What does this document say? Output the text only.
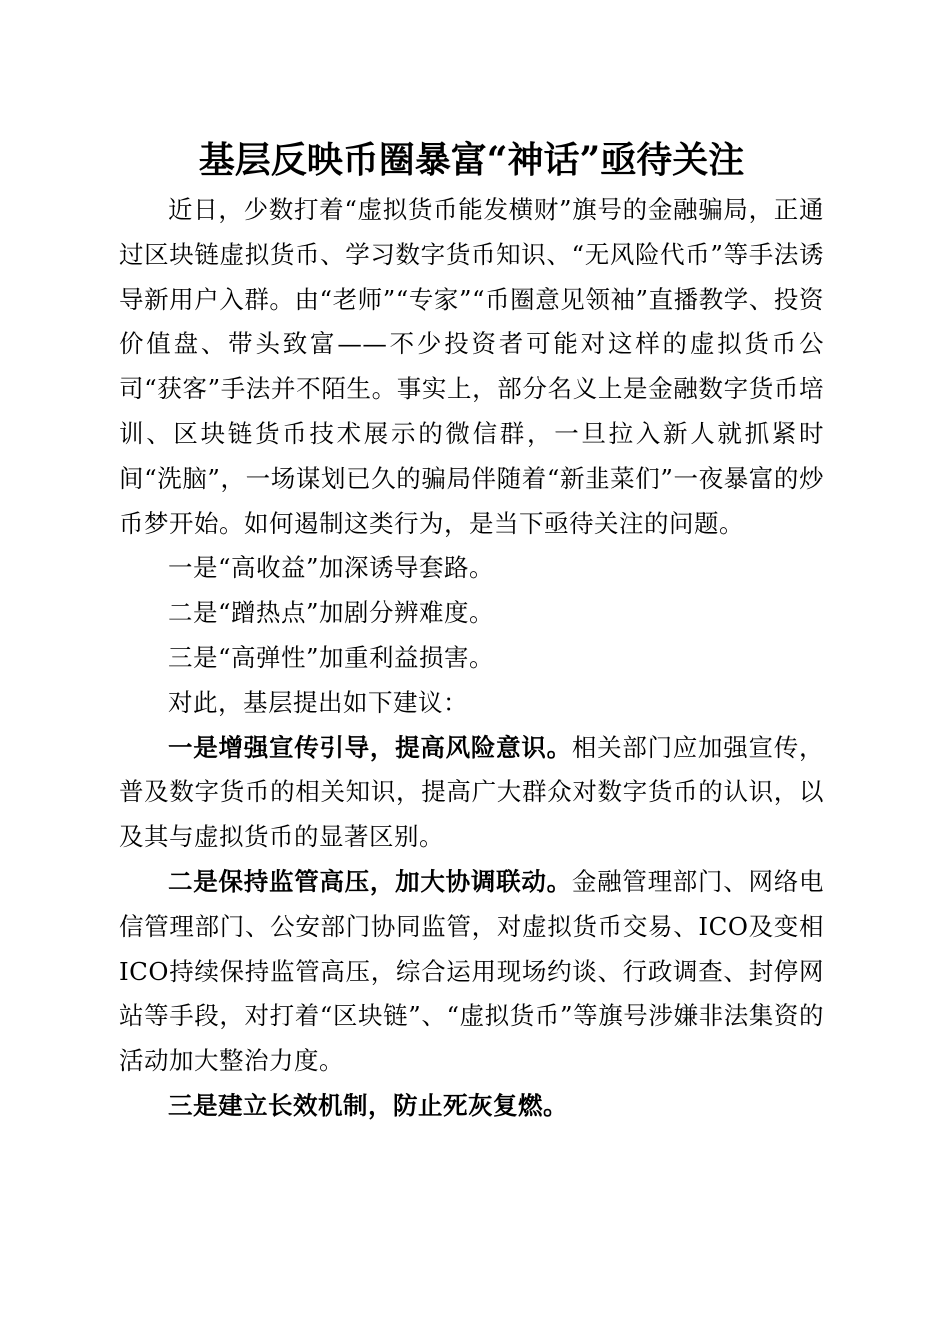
基层反映币圈暴富“神话”亟待关注

近日，少数打着“虚拟货币能发横财”旗号的金融骗局，正通过区块链虚拟货币、学习数字货币知识、“无风险代币”等手法诱导新用户入群。由“老师”“专家”“币圈意见领袖”直播教学、投资价值盘、带头致富——不少投资者可能对这样的虚拟货币公司“获客”手法并不陌生。事实上，部分名义上是金融数字货币培训、区块链货币技术展示的微信群，一旦拉入新人就抓紧时间“洗脑”，一场谋划已久的骗局伴随着“新韭菜们”一夜暴富的炒币梦开始。如何遏制这类行为，是当下亟待关注的问题。

一是“高收益”加深诱导套路。

二是“蹭热点”加剧分辨难度。

三是“高弹性”加重利益损害。

对此，基层提出如下建议：

一是增强宣传引导，提高风险意识。相关部门应加强宣传，普及数字货币的相关知识，提高广大群众对数字货币的认识，以及其与虚拟货币的显著区别。

二是保持监管高压，加大协调联动。金融管理部门、网络电信管理部门、公安部门协同监管，对虚拟货币交易、ICO及变相ICO持续保持监管高压，综合运用现场约谈、行政调查、封停网站等手段，对打着“区块链”、“虚拟货币”等旗号涉嫌非法集资的活动加大整治力度。

三是建立长效机制，防止死灰复燃。
